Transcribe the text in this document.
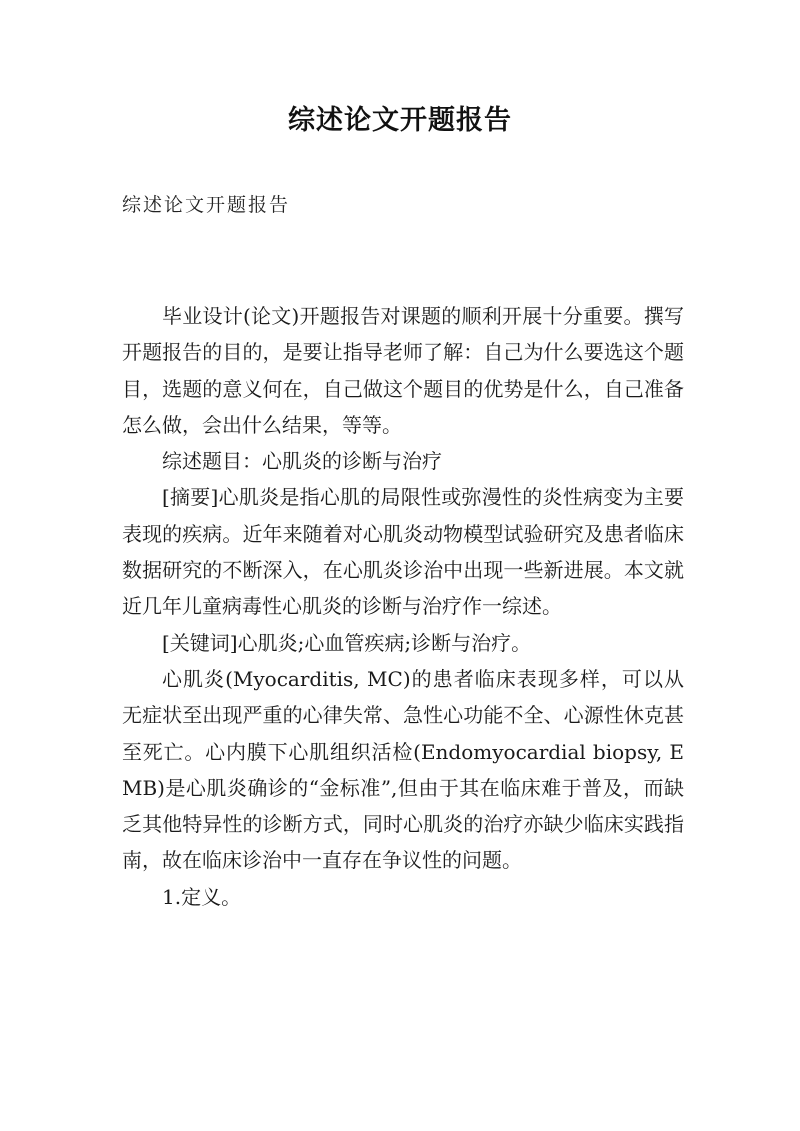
综述论文开题报告
综述论文开题报告

毕业设计(论文)开题报告对课题的顺利开展十分重要。撰写开题报告的目的，是要让指导老师了解：自己为什么要选这个题目，选题的意义何在，自己做这个题目的优势是什么，自己准备怎么做，会出什么结果，等等。

综述题目：心肌炎的诊断与治疗

[摘要]心肌炎是指心肌的局限性或弥漫性的炎性病变为主要表现的疾病。近年来随着对心肌炎动物模型试验研究及患者临床数据研究的不断深入，在心肌炎诊治中出现一些新进展。本文就近几年儿童病毒性心肌炎的诊断与治疗作一综述。

[关键词]心肌炎;心血管疾病;诊断与治疗。

心肌炎(Myocarditis, MC)的患者临床表现多样，可以从无症状至出现严重的心律失常、急性心功能不全、心源性休克甚至死亡。心内膜下心肌组织活检(Endomyocardial biopsy, EMB)是心肌炎确诊的“金标准”,但由于其在临床难于普及，而缺乏其他特异性的诊断方式，同时心肌炎的治疗亦缺少临床实践指南，故在临床诊治中一直存在争议性的问题。

1.定义。
